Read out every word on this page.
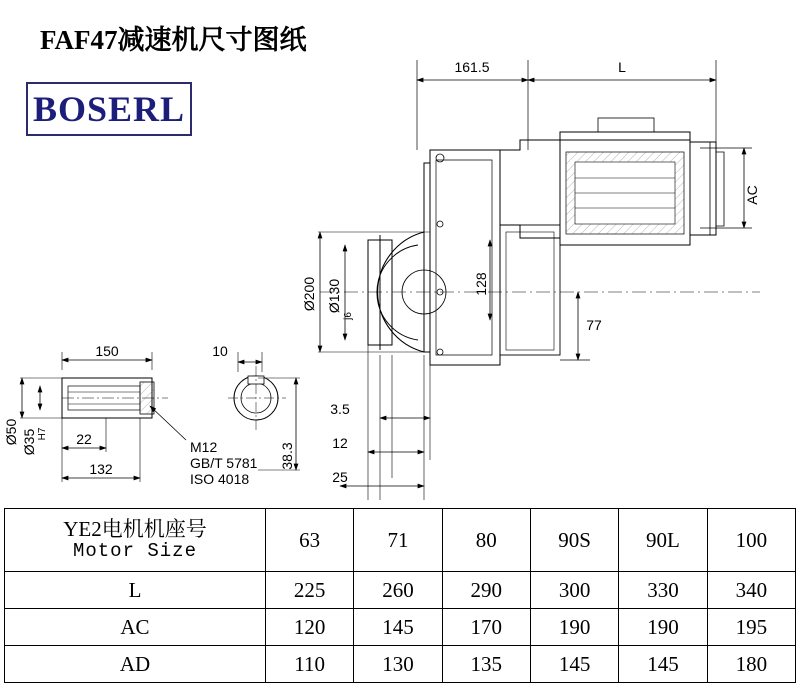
FAF47减速机尺寸图纸
BOSERL
161.5	L
AC
128
77
Ø200 Ø130
j6
3.5
12
25
150
22
132
Ø50 Ø35 H7
10
38.3
M12
GB/T 5781
ISO 4018
YE2电机机座号
Motor Size	63	71	80	90S	90L	100
L	225	260	290	300	330	340
AC	120	145	170	190	190	195
AD	110	130	135	145	145	180
